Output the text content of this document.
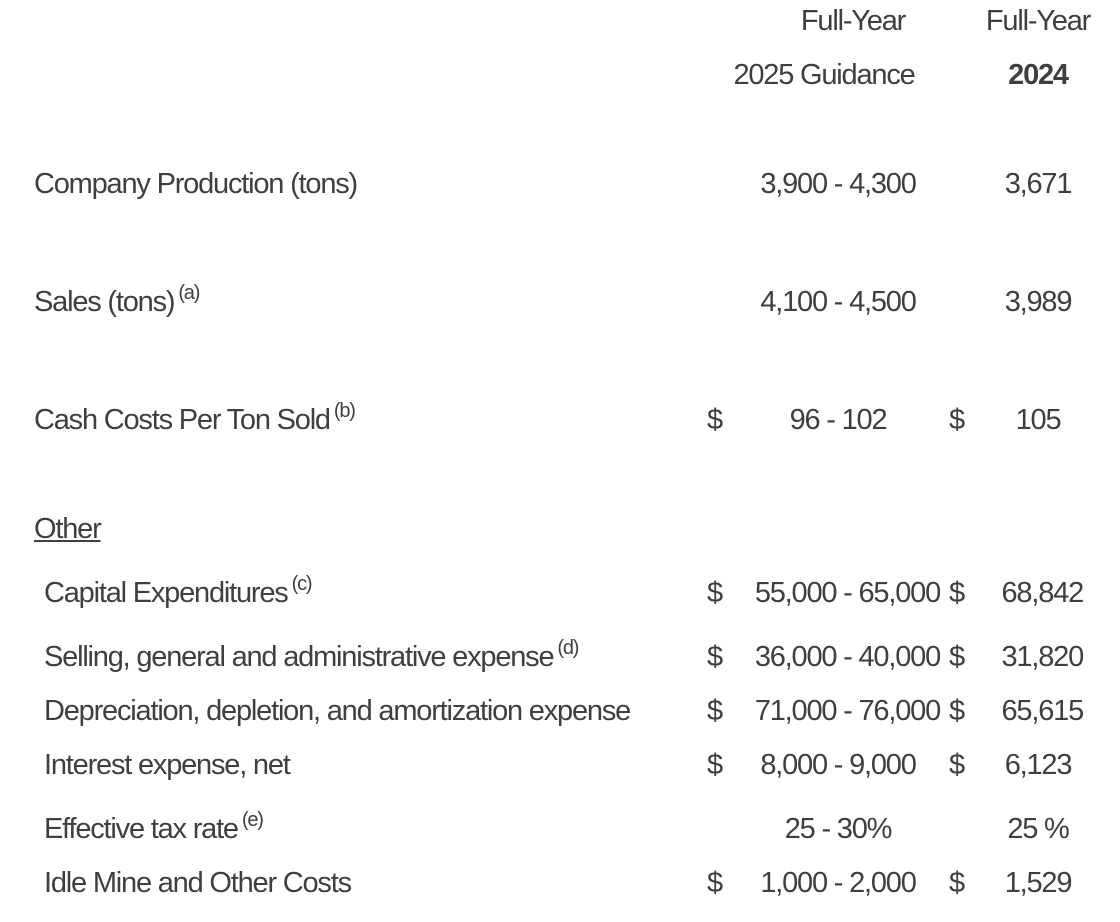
Full-Year
2025 Guidance
Full-Year
2024
Company Production (tons)	3,900 - 4,300	3,671
Sales (tons) $^{(a)}$	4,100 - 4,500	3,989
Cash Costs Per Ton Sold $^{(b)}$	$	96 - 102	$	105
Other
Capital Expenditures $^{(c)}$	$	55,000 - 65,000 $	68,842
Selling, general and administrative expense $^{(d)}$	$	36,000 - 40,000 $	31,820
Depreciation, depletion, and amortization expense	$	71,000 - 76,000 $	65,615
Interest expense, net	$	8,000 - 9,000	$	6,123
Effective tax rate $^{(e)}$	25 - 30%	25 %
Idle Mine and Other Costs	$	1,000 - 2,000	$	1,529
